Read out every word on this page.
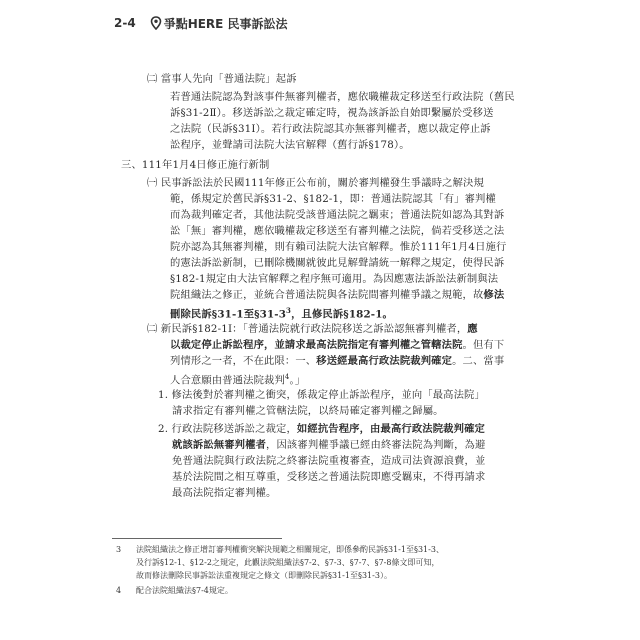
2-4 爭點HERE 民事訴訟法
㈡ 當事人先向「普通法院」起訴
若普通法院認為對該事件無審判權者，應依職權裁定移送至行政法院（舊民
訴§31-2Ⅱ）。移送訴訟之裁定確定時，視為該訴訟自始即繫屬於受移送
之法院（民訴§31Ⅰ）。若行政法院認其亦無審判權者，應以裁定停止訴
訟程序，並聲請司法院大法官解釋（舊行訴§178）。
三、111年1月4日修正施行新制
㈠ 民事訴訟法於民國111年修正公布前，關於審判權發生爭議時之解決規
範，係規定於舊民訴§31-2、§182-1，即：普通法院認其「有」審判權
而為裁判確定者，其他法院受該普通法院之羈束；普通法院如認為其對訴
訟「無」審判權，應依職權裁定移送至有審判權之法院，倘若受移送之法
院亦認為其無審判權，則有賴司法院大法官解釋。惟於111年1月4日施行
的憲法訴訟新制，已刪除機關就彼此見解聲請統一解釋之規定，使得民訴
§182-1規定由大法官解釋之程序無可適用。為因應憲法訴訟法新制與法
院組織法之修正，並統合普通法院與各法院間審判權爭議之規範，故修法
刪除民訴§31-1至$\S 31-3^3$，且修民訴§182-1。
㈡ 新民訴§182-1Ⅰ：「普通法院就行政法院移送之訴訟認無審判權者，應
以裁定停止訴訟程序，並請求最高法院指定有審判權之管轄法院。但有下
列情形之一者，不在此限：一、移送經最高行政法院裁判確定。二、當事
人合意願由普通法院裁判$^4$。」
1. 修法後對於審判權之衝突，係裁定停止訴訟程序，並向「最高法院」
請求指定有審判權之管轄法院，以終局確定審判權之歸屬。
2. 行政法院移送訴訟之裁定，如經抗告程序，由最高行政法院裁判確定
就該訴訟無審判權者，因該審判權爭議已經由終審法院為判斷，為避
免普通法院與行政法院之終審法院重複審查，造成司法資源浪費，並
基於法院間之相互尊重，受移送之普通法院即應受羈束，不得再請求
最高法院指定審判權。
3 法院組織法之修正增訂審判權衝突解決規範之相關規定，即係參酌民訴§31-1至§31-3、
及行訴§12-1、§12-2之規定，此觀法院組織法§7-2、§7-3、§7-7、§7-8條文即可知，
故而修法刪除民事訴訟法重複規定之條文（即刪除民訴§31-1至§31-3）。
4 配合法院組織法§7-4規定。
